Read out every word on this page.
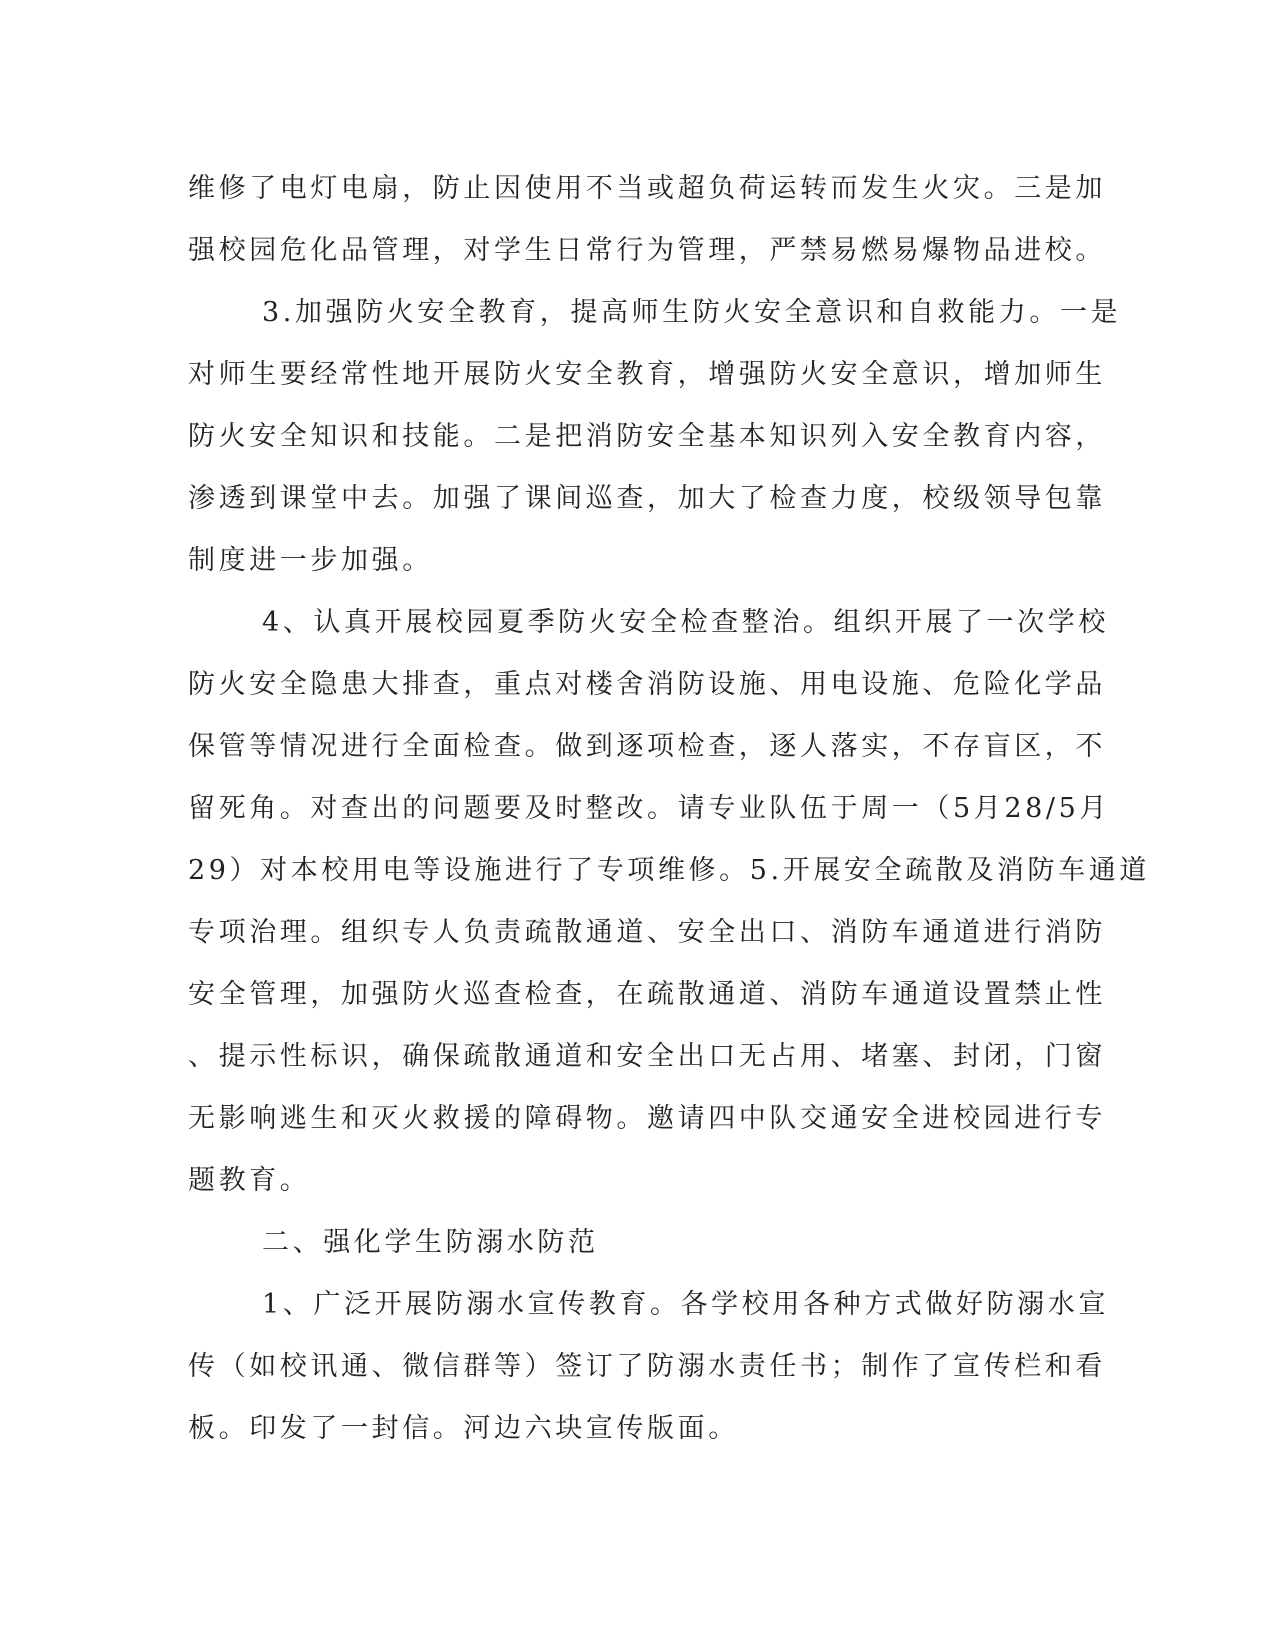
维修了电灯电扇，防止因使用不当或超负荷运转而发生火灾。三是加
强校园危化品管理，对学生日常行为管理，严禁易燃易爆物品进校。
3.加强防火安全教育，提高师生防火安全意识和自救能力。一是
对师生要经常性地开展防火安全教育，增强防火安全意识，增加师生
防火安全知识和技能。二是把消防安全基本知识列入安全教育内容，
渗透到课堂中去。加强了课间巡查，加大了检查力度，校级领导包靠
制度进一步加强。
4、认真开展校园夏季防火安全检查整治。组织开展了一次学校
防火安全隐患大排查，重点对楼舍消防设施、用电设施、危险化学品
保管等情况进行全面检查。做到逐项检查，逐人落实，不存盲区，不
留死角。对查出的问题要及时整改。请专业队伍于周一（5月28/5月
29）对本校用电等设施进行了专项维修。5.开展安全疏散及消防车通道
专项治理。组织专人负责疏散通道、安全出口、消防车通道进行消防
安全管理，加强防火巡查检查，在疏散通道、消防车通道设置禁止性
、提示性标识，确保疏散通道和安全出口无占用、堵塞、封闭，门窗
无影响逃生和灭火救援的障碍物。邀请四中队交通安全进校园进行专
题教育。
二、强化学生防溺水防范
1、广泛开展防溺水宣传教育。各学校用各种方式做好防溺水宣
传（如校讯通、微信群等）签订了防溺水责任书；制作了宣传栏和看
板。印发了一封信。河边六块宣传版面。
